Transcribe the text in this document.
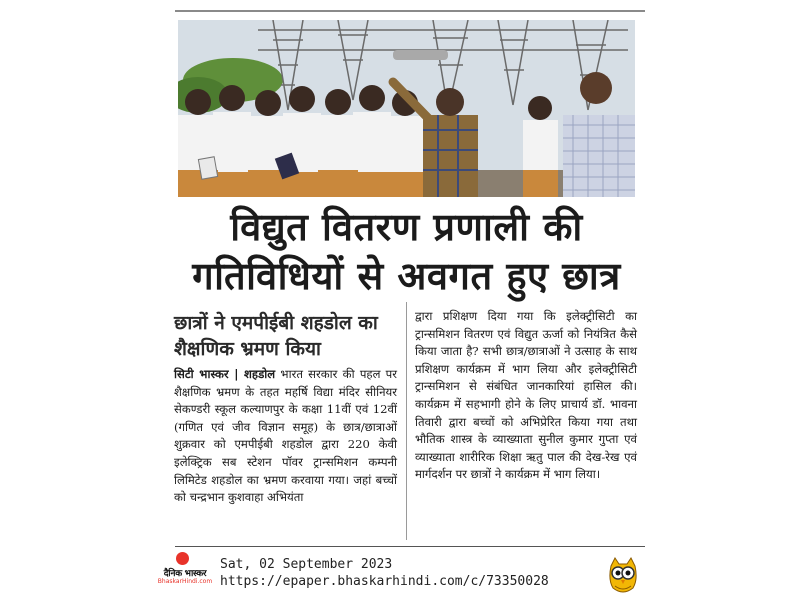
विद्युत वितरण प्रणाली की
गतिविधियों से अवगत हुए छात्र
छात्रों ने एमपीईबी शहडोल का शैक्षणिक भ्रमण किया
सिटी भास्कर | शहडोल भारत सरकार की पहल पर शैक्षणिक भ्रमण के तहत महर्षि विद्या मंदिर सीनियर सेकण्डरी स्कूल कल्याणपुर के कक्षा 11वीं एवं 12वीं (गणित एवं जीव विज्ञान समूह) के छात्र/छात्राओं शुक्रवार को एमपीईबी शहडोल द्वारा 220 केवी इलेक्ट्रिक सब स्टेशन पॉवर ट्रान्समिशन कम्पनी लिमिटेड शहडोल का भ्रमण करवाया गया। जहां बच्चों को चन्द्रभान कुशवाहा अभियंता
द्वारा प्रशिक्षण दिया गया कि इलेक्ट्रीसिटी का ट्रान्समिशन वितरण एवं विद्युत ऊर्जा को नियंत्रित कैसे किया जाता है? सभी छात्र/छात्राओं ने उत्साह के साथ प्रशिक्षण कार्यक्रम में भाग लिया और इलेक्ट्रीसिटी ट्रान्समिशन से संबंधित जानकारियां हासिल की। कार्यक्रम में सहभागी होने के लिए प्राचार्य डॉ. भावना तिवारी द्वारा बच्चों को अभिप्रेरित किया गया तथा भौतिक शास्त्र के व्याख्याता सुनील कुमार गुप्ता एवं व्याख्याता शारीरिक शिक्षा ऋतु पाल की देख-रेख एवं मार्गदर्शन पर छात्रों ने कार्यक्रम में भाग लिया।
दैनिक भास्कर
BhaskarHindi.com
Sat, 02 September 2023
https://epaper.bhaskarhindi.com/c/73350028
